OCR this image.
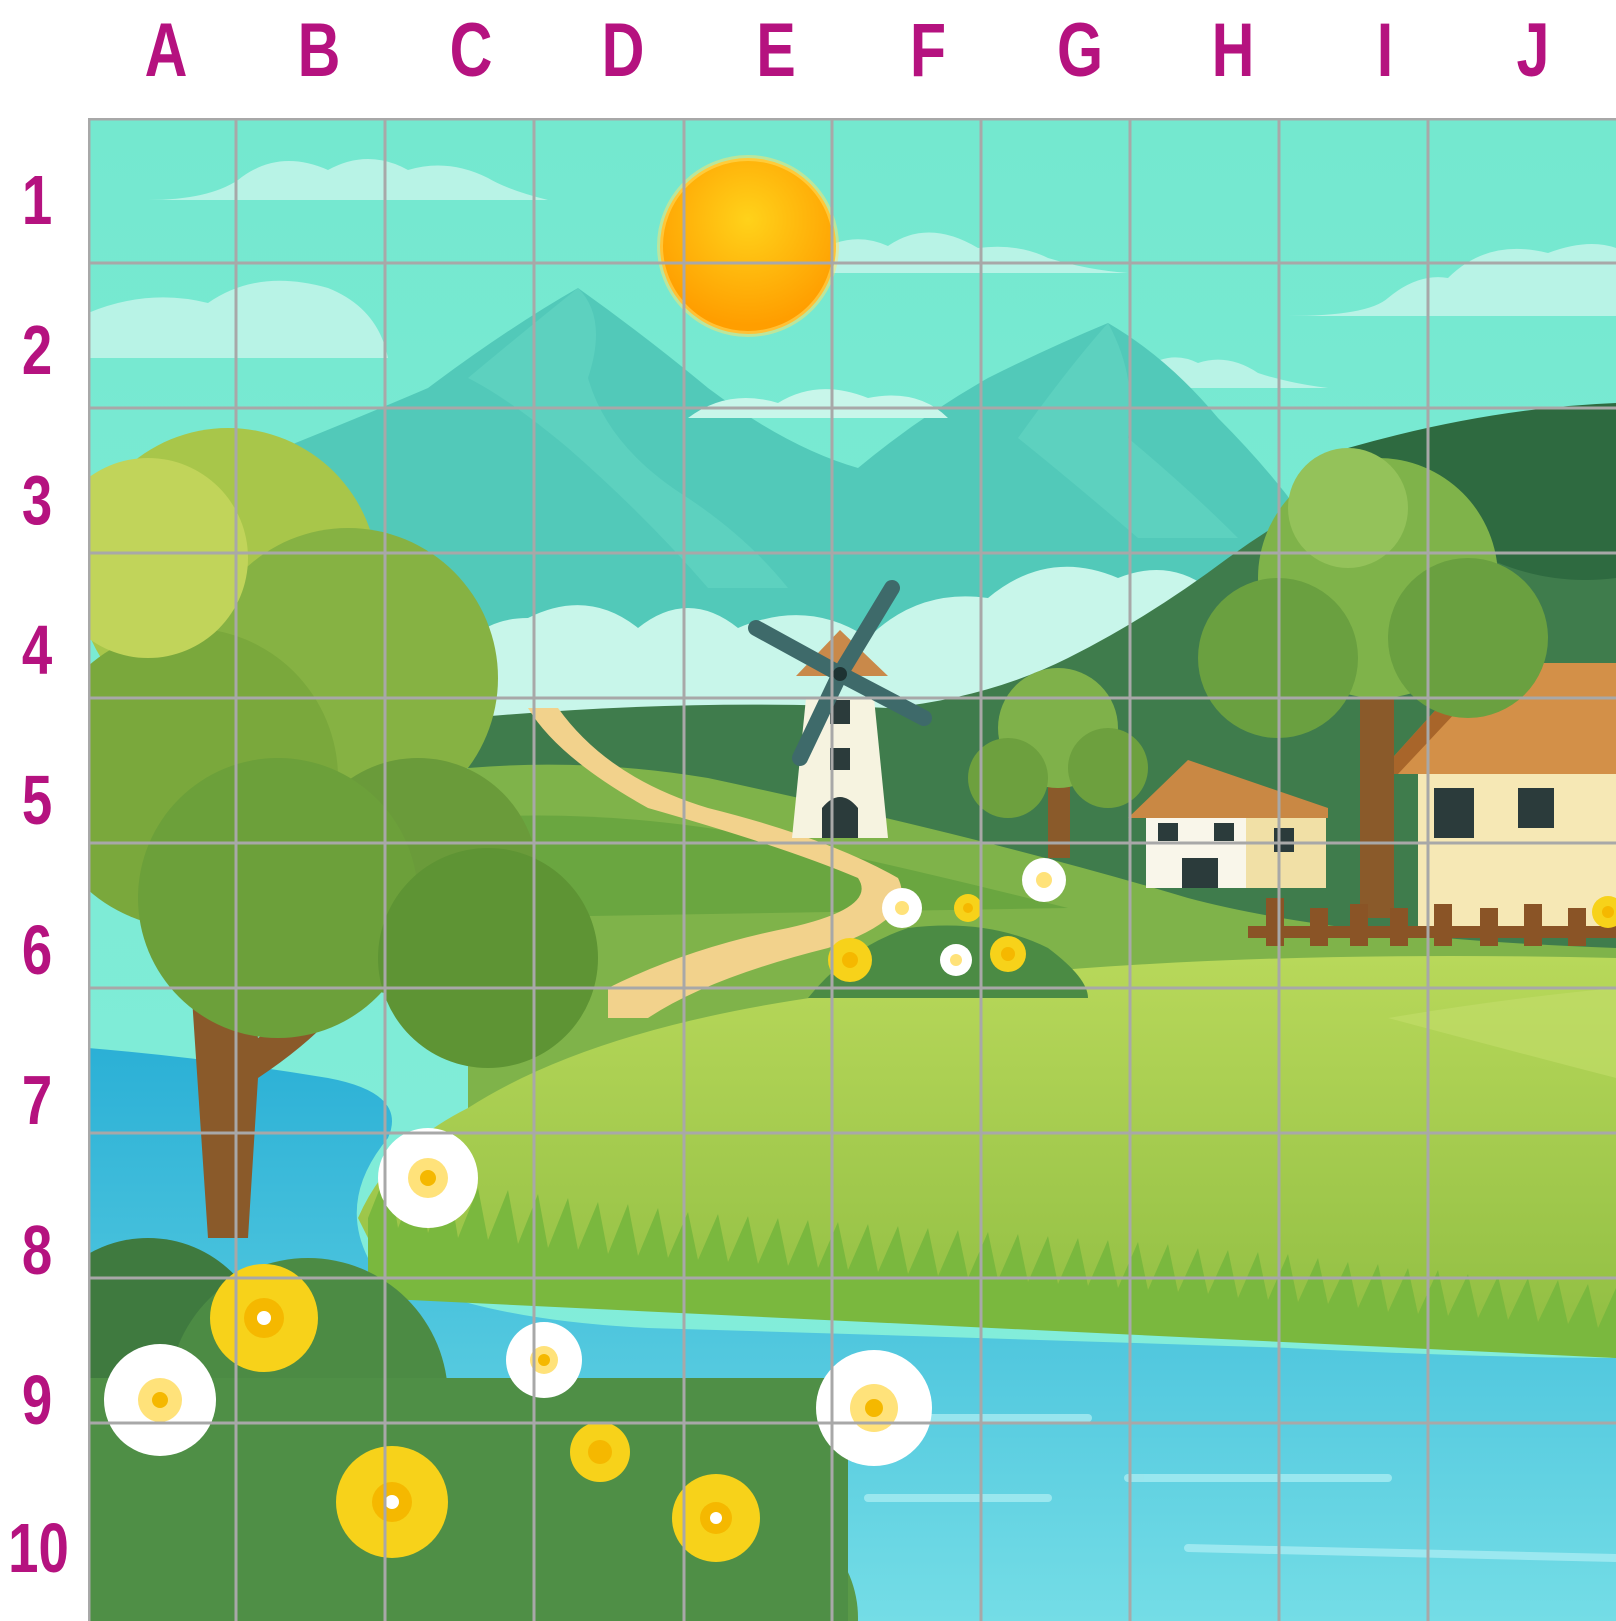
A B C D E F G H	I	J
1
2
3
4
5
6
7
8
9
10
